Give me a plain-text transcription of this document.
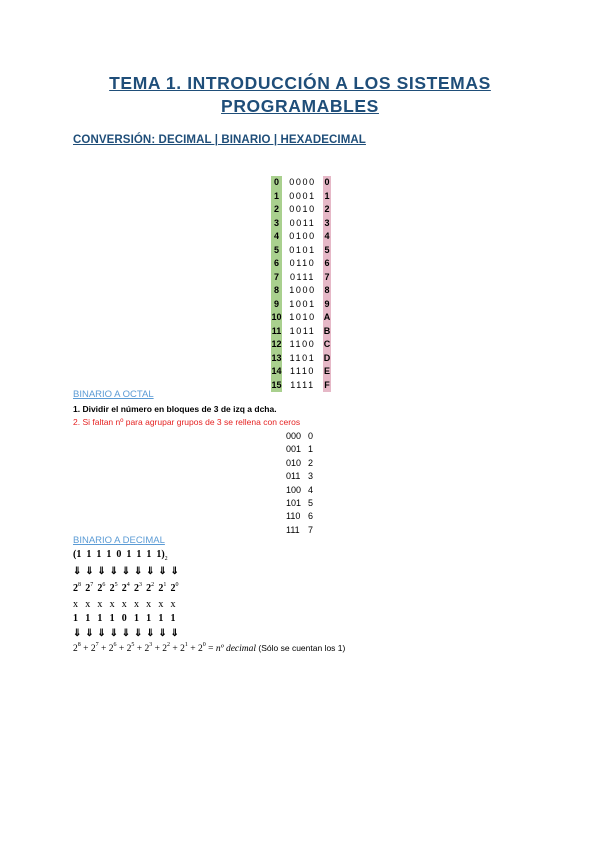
TEMA 1. INTRODUCCIÓN A LOS SISTEMAS
PROGRAMABLES
CONVERSIÓN: DECIMAL | BINARIO | HEXADECIMAL
0	0000	0
1	0001	1
2	0010	2
3	0011	3
4	0100	4
5	0101	5
6	0110	6
7	0111	7
8	1000	8
9	1001	9
10	1010	A
11	1011	B
12	1100	C
13	1101	D
14	1110	E
15	1111	F
BINARIO A OCTAL
1. Dividir el número en bloques de 3 de izq a dcha.
2. Si faltan nº para agrupar grupos de 3 se rellena con ceros
000	0
001	1
010	2
011	3
100	4
101	5
110	6
111	7
BINARIO A DECIMAL
(1  1  1  1  0  1  1  1  $1)_2$
⇓ ⇓ ⇓ ⇓ ⇓ ⇓ ⇓ ⇓ ⇓
$2^8$ $2^7$ $2^6$ $2^5$ $2^4$ $2^3$ $2^2$ $2^1$ $2^0$
x x x x x x x x x
1 1 1 1 0 1 1 1 1
⇓ ⇓ ⇓ ⇓ ⇓ ⇓ ⇓ ⇓ ⇓
$2^8 + 2^7 + 2^6 + 2^5 + 2^3 + 2^2 + 2^1 + 2^0$ = nº decimal (Sólo se cuentan los 1)
